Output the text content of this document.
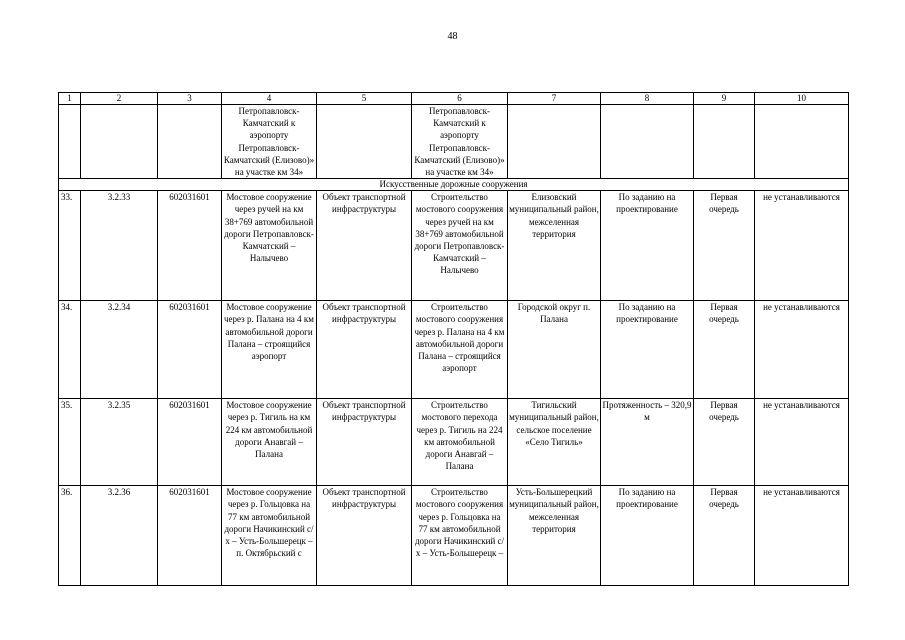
48
1	2	3	4	5	6	7	8	9	10
			Петропавловск-Камчатский к аэропорту Петропавловск-Камчатский (Елизово)» на участке км 34»		Петропавловск-Камчатский к аэропорту Петропавловск-Камчатский (Елизово)» на участке км 34»				
Искусственные дорожные сооружения									
33.	3.2.33	602031601	Мостовое сооружение через ручей на км 38+769 автомобильной дороги Петропавловск-Камчатский – Налычево	Объект транспортной инфраструктуры	Строительство мостового сооружения через ручей на км 38+769 автомобильной дороги Петропавловск-Камчатский – Налычево	Елизовский муниципальный район, межселенная территория	По заданию на проектирование	Первая очередь	не устанавливаются
34.	3.2.34	602031601	Мостовое сооружение через р. Палана на 4 км автомобильной дороги Палана – строящийся аэропорт	Объект транспортной инфраструктуры	Строительство мостового сооружения через р. Палана на 4 км автомобильной дороги Палана – строящийся аэропорт	Городской округ п. Палана	По заданию на проектирование	Первая очередь	не устанавливаются
35.	3.2.35	602031601	Мостовое сооружение через р. Тигиль на км 224 км автомобильной дороги Анавгай – Палана	Объект транспортной инфраструктуры	Строительство мостового перехода через р. Тигиль на 224 км автомобильной дороги Анавгай – Палана	Тигильский муниципальный район, сельское поселение «Село Тигиль»	Протяженность – 320,9 м	Первая очередь	не устанавливаются
36.	3.2.36	602031601	Мостовое сооружение через р. Гольцовка на 77 км автомобильной дороги Начикинский с/х – Усть-Большерецк – п. Октябрьский с	Объект транспортной инфраструктуры	Строительство мостового сооружения через р. Гольцовка на 77 км автомобильной дороги Начикинский с/х – Усть-Большерецк –	Усть-Большерецкий муниципальный район, межселенная территория	По заданию на проектирование	Первая очередь	не устанавливаются
